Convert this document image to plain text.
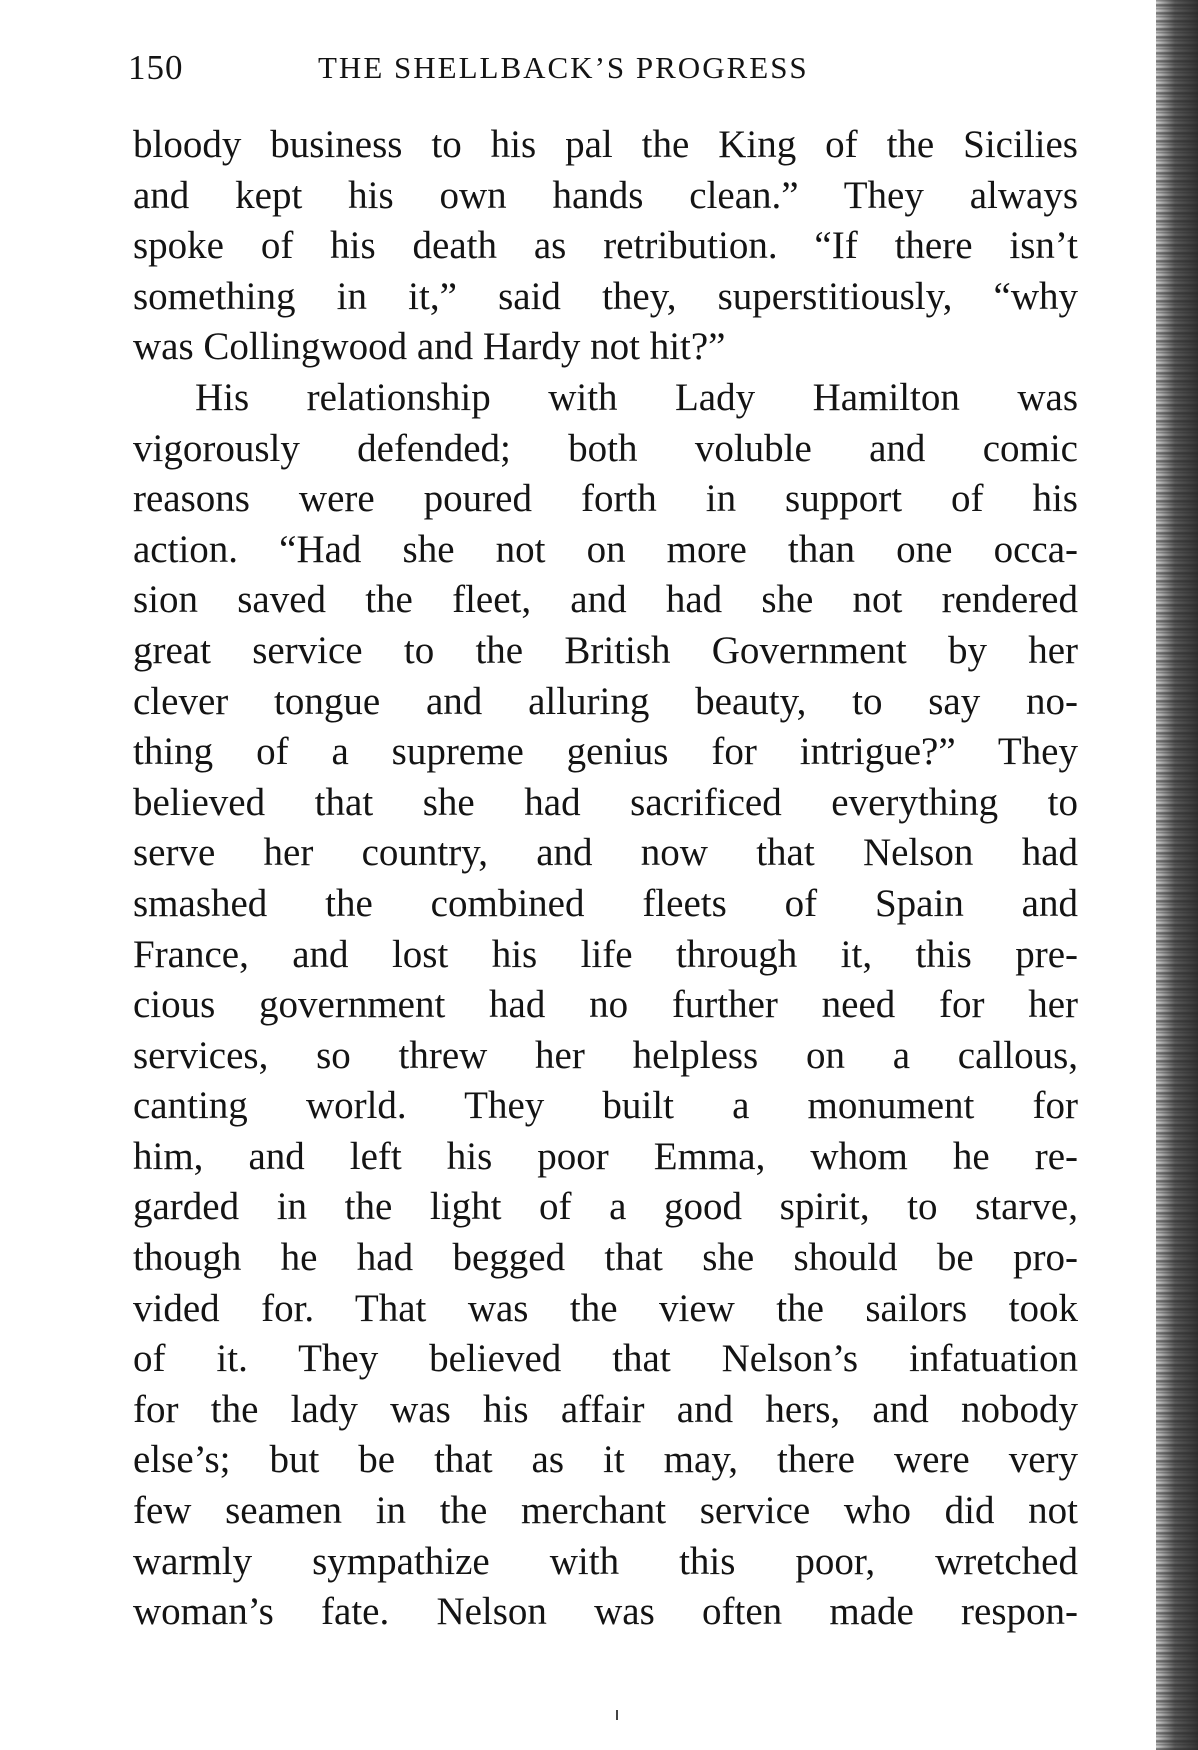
150	THE SHELLBACK’S PROGRESS
bloody business to his pal the King of the Sicilies
and kept his own hands clean.” They always
spoke of his death as retribution. “If there isn’t
something in it,” said they, superstitiously, “why
was Collingwood and Hardy not hit?”
His relationship with Lady Hamilton was
vigorously defended; both voluble and comic
reasons were poured forth in support of his
action. “Had she not on more than one occa-
sion saved the fleet, and had she not rendered
great service to the British Government by her
clever tongue and alluring beauty, to say no-
thing of a supreme genius for intrigue?” They
believed that she had sacrificed everything to
serve her country, and now that Nelson had
smashed the combined fleets of Spain and
France, and lost his life through it, this pre-
cious government had no further need for her
services, so threw her helpless on a callous,
canting world. They built a monument for
him, and left his poor Emma, whom he re-
garded in the light of a good spirit, to starve,
though he had begged that she should be pro-
vided for. That was the view the sailors took
of it. They believed that Nelson’s infatuation
for the lady was his affair and hers, and nobody
else’s; but be that as it may, there were very
few seamen in the merchant service who did not
warmly sympathize with this poor, wretched
woman’s fate. Nelson was often made respon-
